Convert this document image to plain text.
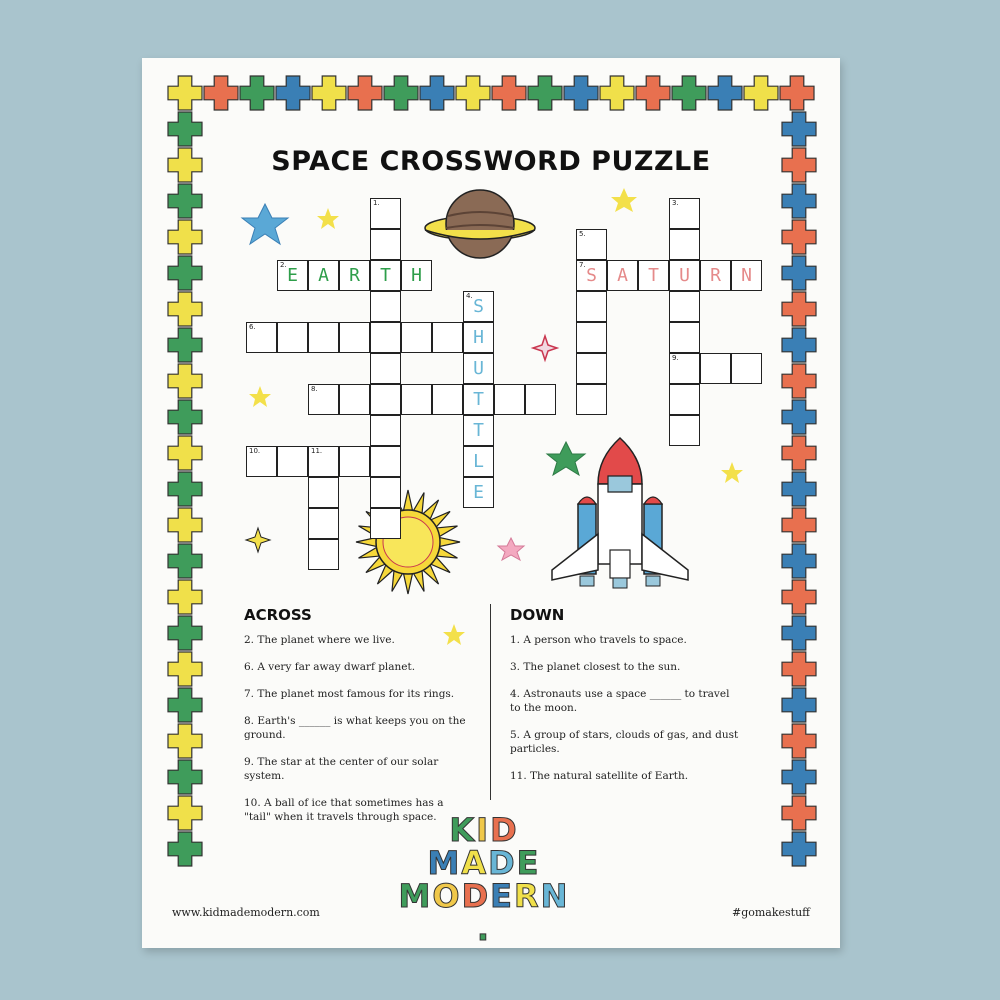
SPACE CROSSWORD PUZZLE
1.
T
2. E	A	R	H
4. S
H
U
T
T
L
E
6.
8.
10.	11.
5.
7. S	A	T	U	R	N
3.
9.
ACROSS
2. The planet where we live.
6. A very far away dwarf planet.
7. The planet most famous for its rings.
8. Earth's ______ is what keeps you on the ground.
9. The star at the center of our solar system.
10. A ball of ice that sometimes has a "tail" when it travels through space.
DOWN
1. A person who travels to space.
3. The planet closest to the sun.
4. Astronauts use a space ______ to travel to the moon.
5. A group of stars, clouds of gas, and dust particles.
11. The natural satellite of Earth.
KID
MADE
MODERN.
www.kidmademodern.com	#gomakestuff
